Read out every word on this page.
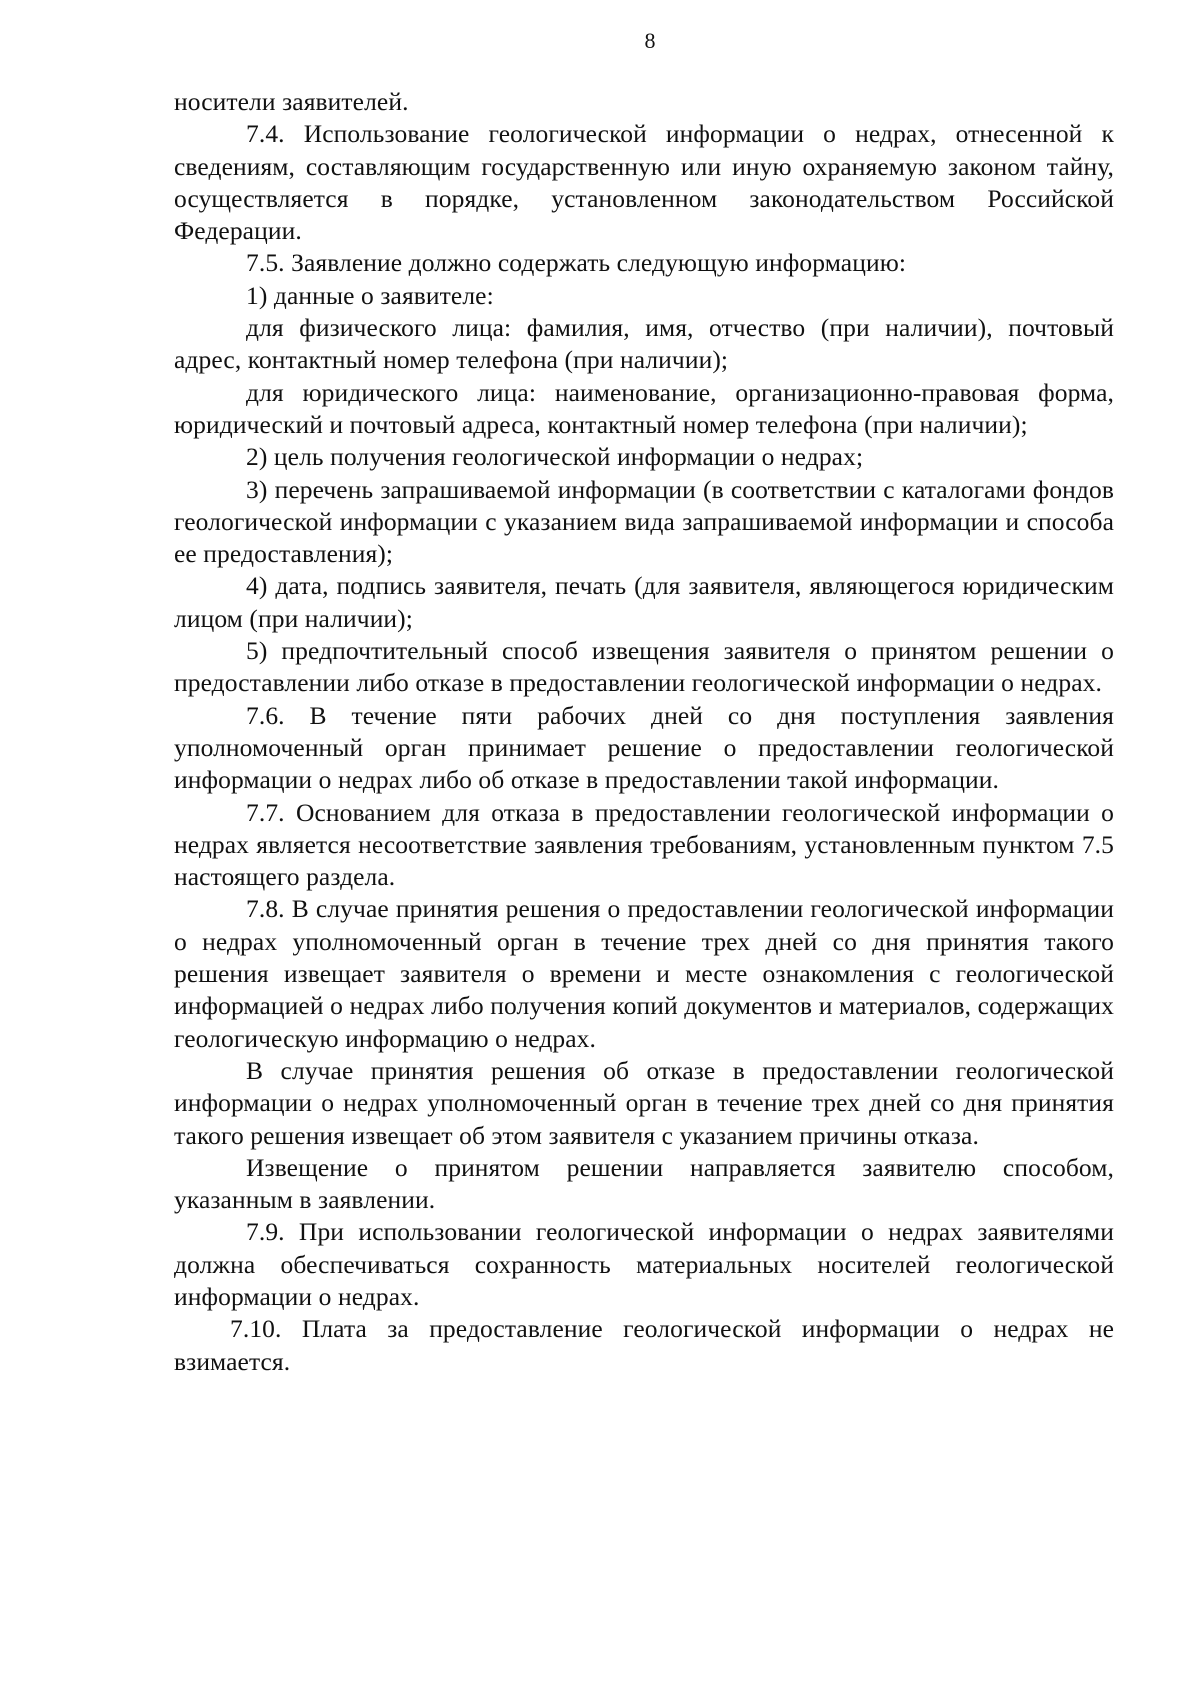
8

носители заявителей.

7.4. Использование геологической информации о недрах, отнесенной к сведениям, составляющим государственную или иную охраняемую законом тайну, осуществляется в порядке, установленном законодательством Российской Федерации.

7.5. Заявление должно содержать следующую информацию:

1) данные о заявителе:

для физического лица: фамилия, имя, отчество (при наличии), почтовый адрес, контактный номер телефона (при наличии);

для юридического лица: наименование, организационно-правовая форма, юридический и почтовый адреса, контактный номер телефона (при наличии);

2) цель получения геологической информации о недрах;

3) перечень запрашиваемой информации (в соответствии с каталогами фондов геологической информации с указанием вида запрашиваемой информации и способа ее предоставления);

4) дата, подпись заявителя, печать (для заявителя, являющегося юридическим лицом (при наличии);

5) предпочтительный способ извещения заявителя о принятом решении о предоставлении либо отказе в предоставлении геологической информации о недрах.

7.6. В течение пяти рабочих дней со дня поступления заявления уполномоченный орган принимает решение о предоставлении геологической информации о недрах либо об отказе в предоставлении такой информации.

7.7. Основанием для отказа в предоставлении геологической информации о недрах является несоответствие заявления требованиям, установленным пунктом 7.5 настоящего раздела.

7.8. В случае принятия решения о предоставлении геологической информации о недрах уполномоченный орган в течение трех дней со дня принятия такого решения извещает заявителя о времени и месте ознакомления с геологической информацией о недрах либо получения копий документов и материалов, содержащих геологическую информацию о недрах.

В случае принятия решения об отказе в предоставлении геологической информации о недрах уполномоченный орган в течение трех дней со дня принятия такого решения извещает об этом заявителя с указанием причины отказа.

Извещение о принятом решении направляется заявителю способом, указанным в заявлении.

7.9. При использовании геологической информации о недрах заявителями должна обеспечиваться сохранность материальных носителей геологической информации о недрах.

7.10. Плата за предоставление геологической информации о недрах не взимается.
